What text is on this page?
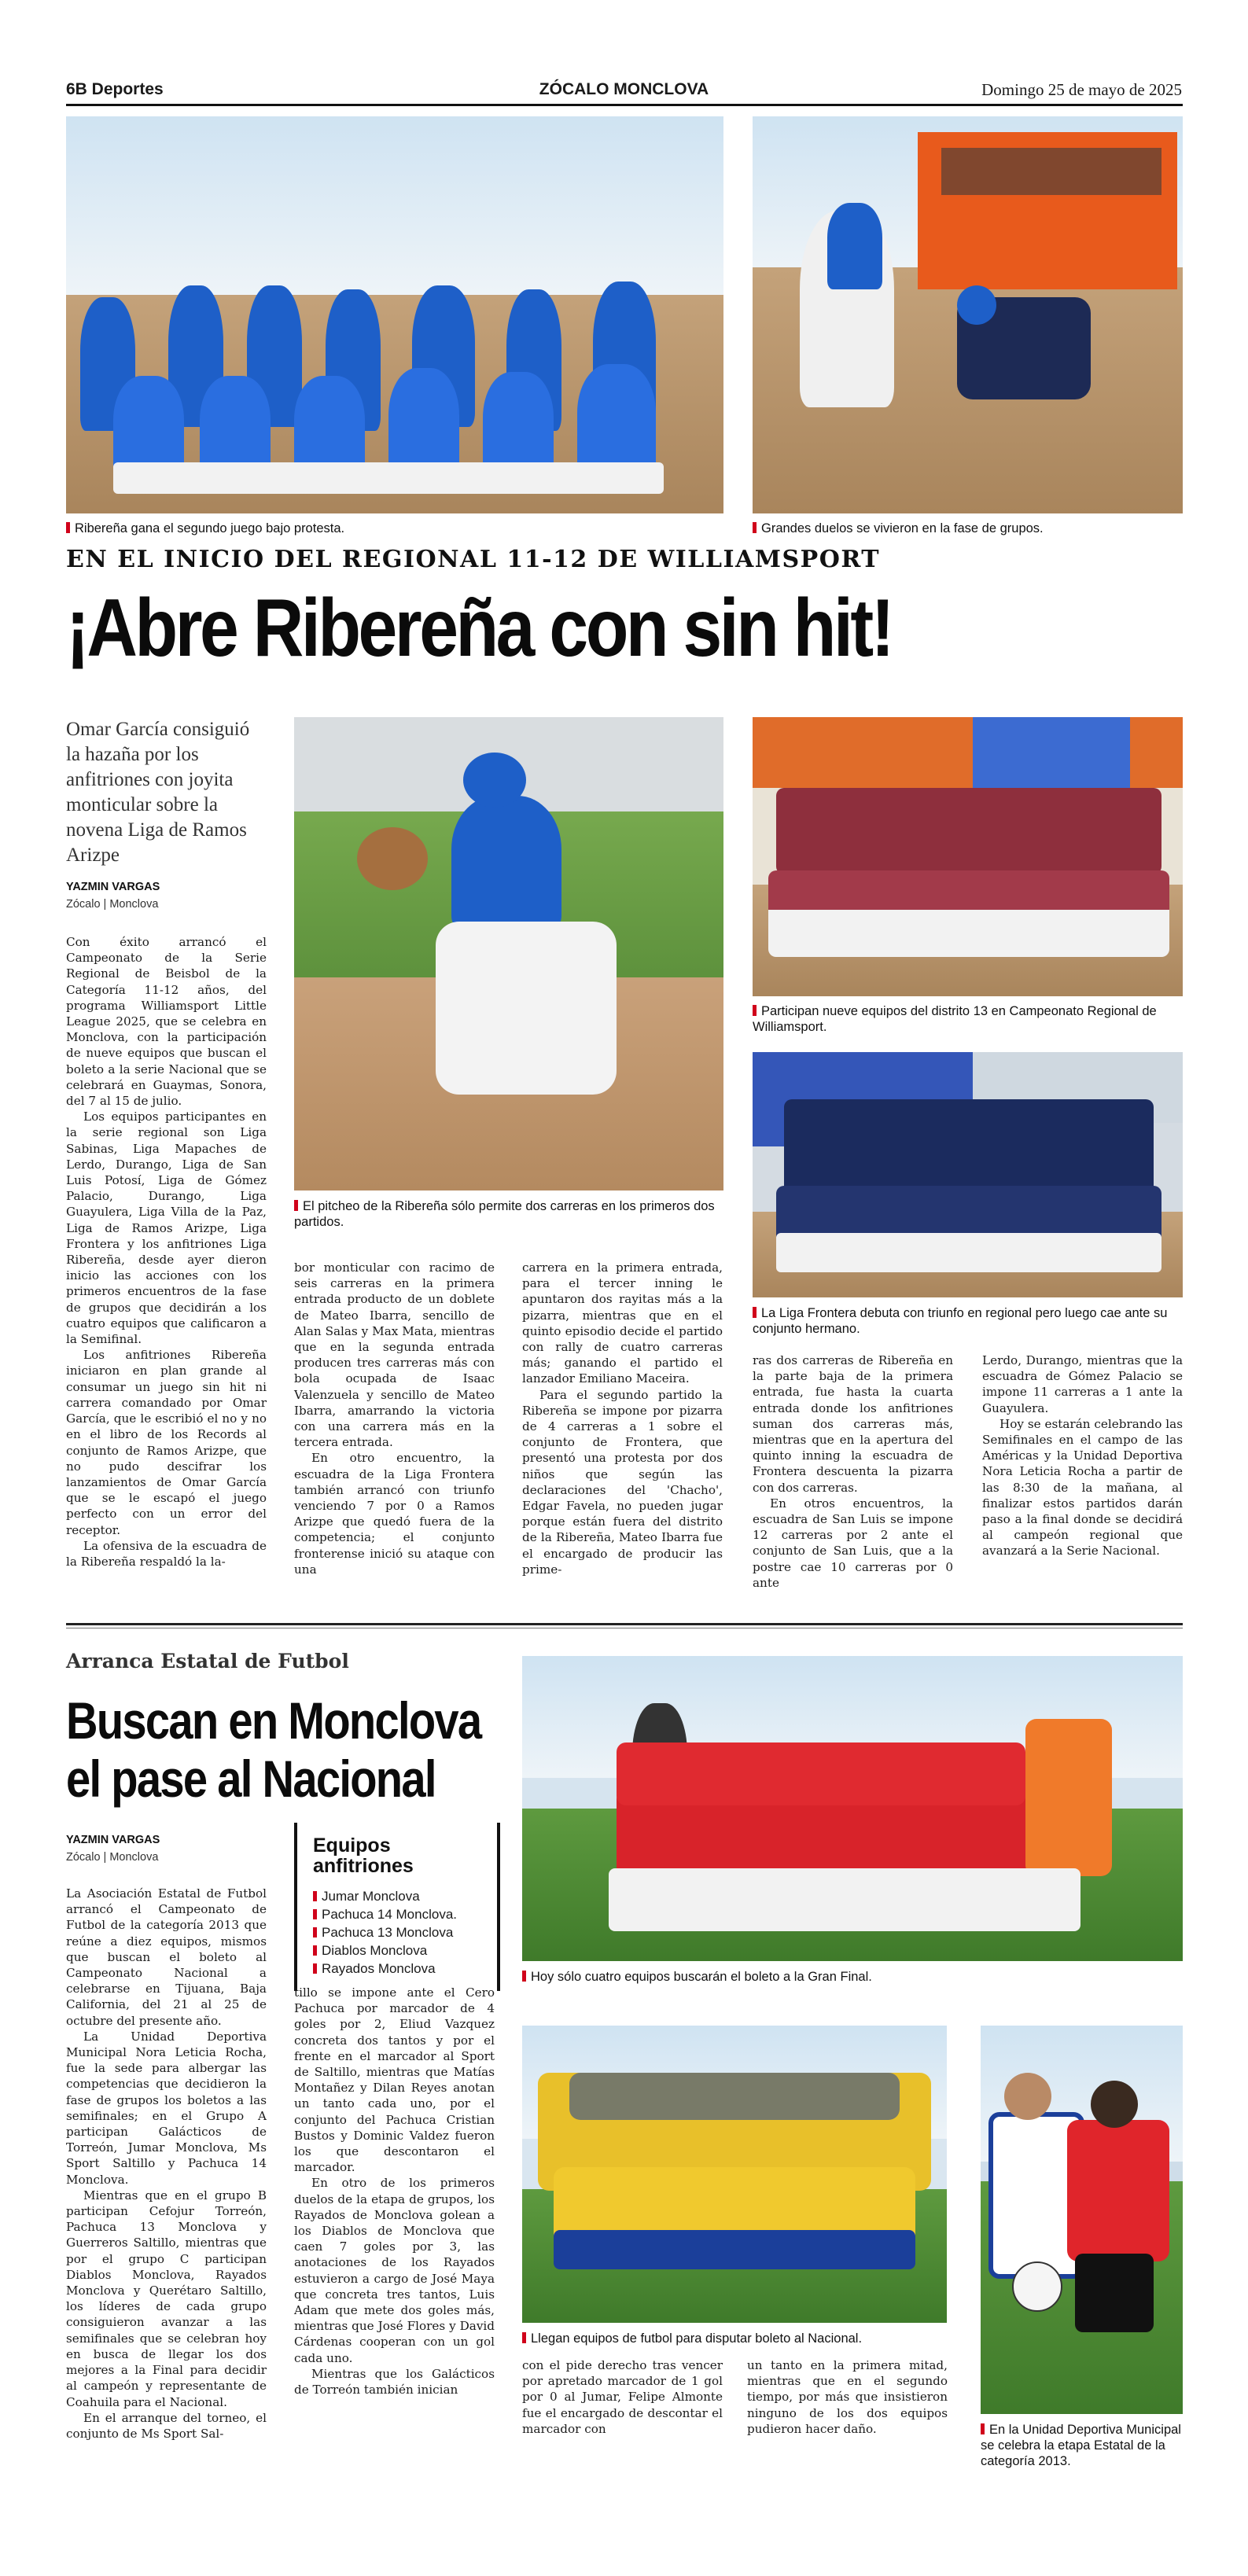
6B Deportes	ZÓCALO MONCLOVA	Domingo 25 de mayo de 2025
Ribereña gana el segundo juego bajo protesta.	Grandes duelos se vivieron en la fase de grupos.
EN EL INICIO DEL REGIONAL 11-12 DE WILLIAMSPORT
¡Abre Ribereña con sin hit!
Omar García consiguió la hazaña por los anfitriones con joyita monticular sobre la novena Liga de Ramos Arizpe
YAZMIN VARGAS
Zócalo | Monclova
El pitcheo de la Ribereña sólo permite dos carreras en los primeros dos partidos.
Participan nueve equipos del distrito 13 en Campeonato Regional de Williamsport.
La Liga Frontera debuta con triunfo en regional pero luego cae ante su conjunto hermano.

Con éxito arrancó el Campeonato de la Serie Regional de Beisbol de la Categoría 11-12 años, del programa Williamsport Little League 2025, que se celebra en Monclova, con la participación de nueve equipos que buscan el boleto a la serie Nacional que se celebrará en Guaymas, Sonora, del 7 al 15 de julio.

Los equipos participantes en la serie regional son Liga Sabinas, Liga Mapaches de Lerdo, Durango, Liga de San Luis Potosí, Liga de Gómez Palacio, Durango, Liga Guayulera, Liga Villa de la Paz, Liga de Ramos Arizpe, Liga Frontera y los anfitriones Liga Ribereña, desde ayer dieron inicio las acciones con los primeros encuentros de la fase de grupos que decidirán a los cuatro equipos que calificaron a la Semifinal.

Los anfitriones Ribereña iniciaron en plan grande al consumar un juego sin hit ni carrera comandado por Omar García, que le escribió el no y no en el libro de los Records al conjunto de Ramos Arizpe, que no pudo descifrar los lanzamientos de Omar García que se le escapó el juego perfecto con un error del receptor.

La ofensiva de la escuadra de la Ribereña respaldó la la-

bor monticular con racimo de seis carreras en la primera entrada producto de un doblete de Mateo Ibarra, sencillo de Alan Salas y Max Mata, mientras que en la segunda entrada producen tres carreras más con bola ocupada de Isaac Valenzuela y sencillo de Mateo Ibarra, amarrando la victoria con una carrera más en la tercera entrada.

En otro encuentro, la escuadra de la Liga Frontera también arrancó con triunfo venciendo 7 por 0 a Ramos Arizpe que quedó fuera de la competencia; el conjunto fronterense inició su ataque con una

carrera en la primera entrada, para el tercer inning le apuntaron dos rayitas más a la pizarra, mientras que en el quinto episodio decide el partido con rally de cuatro carreras más; ganando el partido el lanzador Emiliano Maceira.

Para el segundo partido la Ribereña se impone por pizarra de 4 carreras a 1 sobre el conjunto de Frontera, que presentó una protesta por dos niños que según las declaraciones del 'Chacho', Edgar Favela, no pueden jugar porque están fuera del distrito de la Ribereña, Mateo Ibarra fue el encargado de producir las prime-

ras dos carreras de Ribereña en la parte baja de la primera entrada, fue hasta la cuarta entrada donde los anfitriones suman dos carreras más, mientras que en la apertura del quinto inning la escuadra de Frontera descuenta la pizarra con dos carreras.

En otros encuentros, la escuadra de San Luis se impone 12 carreras por 2 ante el conjunto de San Luis, que a la postre cae 10 carreras por 0 ante

Lerdo, Durango, mientras que la escuadra de Gómez Palacio se impone 11 carreras a 1 ante la Guayulera.

Hoy se estarán celebrando las Semifinales en el campo de las Américas y la Unidad Deportiva Nora Leticia Rocha a partir de las 8:30 de la mañana, al finalizar estos partidos darán paso a la final donde se decidirá al campeón regional que avanzará a la Serie Nacional.

Arranca Estatal de Futbol
Buscan en Monclova
el pase al Nacional
YAZMIN VARGAS
Zócalo | Monclova
Equipos anfitriones
Jumar Monclova
Pachuca 14 Monclova.
Pachuca 13 Monclova
Diablos Monclova
Rayados Monclova
Hoy sólo cuatro equipos buscarán el boleto a la Gran Final.
Llegan equipos de futbol para disputar boleto al Nacional.
En la Unidad Deportiva Municipal se celebra la etapa Estatal de la categoría 2013.

La Asociación Estatal de Futbol arrancó el Campeonato de Futbol de la categoría 2013 que reúne a diez equipos, mismos que buscan el boleto al Campeonato Nacional a celebrarse en Tijuana, Baja California, del 21 al 25 de octubre del presente año.

La Unidad Deportiva Municipal Nora Leticia Rocha, fue la sede para albergar las competencias que decidieron la fase de grupos los boletos a las semifinales; en el Grupo A participan Galácticos de Torreón, Jumar Monclova, Ms Sport Saltillo y Pachuca 14 Monclova.

Mientras que en el grupo B participan Cefojur Torreón, Pachuca 13 Monclova y Guerreros Saltillo, mientras que por el grupo C participan Diablos Monclova, Rayados Monclova y Querétaro Saltillo, los líderes de cada grupo consiguieron avanzar a las semifinales que se celebran hoy en busca de llegar los dos mejores a la Final para decidir al campeón y representante de Coahuila para el Nacional.

En el arranque del torneo, el conjunto de Ms Sport Sal-

tillo se impone ante el Cero Pachuca por marcador de 4 goles por 2, Eliud Vazquez concreta dos tantos y por el frente en el marcador al Sport de Saltillo, mientras que Matías Montañez y Dilan Reyes anotan un tanto cada uno, por el conjunto del Pachuca Cristian Bustos y Dominic Valdez fueron los que descontaron el marcador.

En otro de los primeros duelos de la etapa de grupos, los Rayados de Monclova golean a los Diablos de Monclova que caen 7 goles por 3, las anotaciones de los Rayados estuvieron a cargo de José Maya que concreta tres tantos, Luis Adam que mete dos goles más, mientras que José Flores y David Cárdenas cooperan con un gol cada uno.

Mientras que los Galácticos de Torreón también inician

con el pide derecho tras vencer por apretado marcador de 1 gol por 0 al Jumar, Felipe Almonte fue el encargado de descontar el marcador con

un tanto en la primera mitad, mientras que en el segundo tiempo, por más que insistieron ninguno de los dos equipos pudieron hacer daño.
